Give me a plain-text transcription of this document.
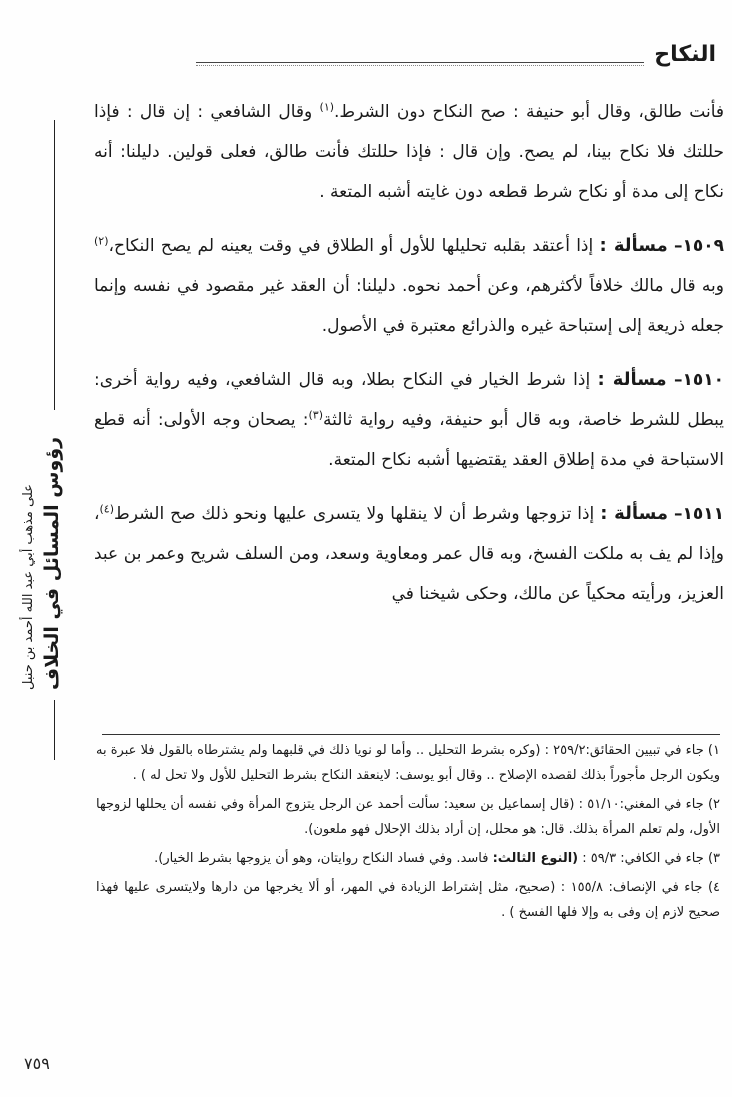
النكاح
رؤوس المسائل في الخلاف
على مذهب أبي عبد الله أحمد بن حنبل

فأنت طالق، وقال أبو حنيفة : صح النكاح دون الشرط.$^{(١)}$ وقال الشافعي : إن قال : فإذا حللتك فلا نكاح بينا، لم يصح. وإن قال : فإذا حللتك فأنت طالق، فعلى قولين. دليلنا: أنه نكاح إلى مدة أو نكاح شرط قطعه دون غايته أشبه المتعة .

١٥٠٩– مسألة : إذا أعتقد بقلبه تحليلها للأول أو الطلاق في وقت يعينه لم يصح النكاح،$^{(٢)}$ وبه قال مالك خلافاً لأكثرهم، وعن أحمد نحوه. دليلنا: أن العقد غير مقصود في نفسه وإنما جعله ذريعة إلى إستباحة غيره والذرائع معتبرة في الأصول.

١٥١٠– مسألة : إذا شرط الخيار في النكاح بطلا، وبه قال الشافعي، وفيه رواية أخرى: يبطل للشرط خاصة، وبه قال أبو حنيفة، وفيه رواية ثالثة$^{(٣)}$: يصحان وجه الأولى: أنه قطع الاستباحة في مدة إطلاق العقد يقتضيها أشبه نكاح المتعة.

١٥١١– مسألة : إذا تزوجها وشرط أن لا ينقلها ولا يتسرى عليها ونحو ذلك صح الشرط$^{(٤)}$، وإذا لم يف به ملكت الفسخ، وبه قال عمر ومعاوية وسعد، ومن السلف شريح وعمر بن عبد العزيز، ورأيته محكياً عن مالك، وحكى شيخنا في

١) جاء في تبيين الحقائق:٢٥٩/٢ : (وكره بشرط التحليل .. وأما لو نويا ذلك في قلبهما ولم يشترطاه بالقول فلا عبرة به ويكون الرجل مأجوراً بذلك لقصده الإصلاح .. وقال أبو يوسف: لاينعقد النكاح بشرط التحليل للأول ولا تحل له ) .

٢) جاء في المغني:٥١/١٠ : (قال إسماعيل بن سعيد: سألت أحمد عن الرجل يتزوج المرأة وفي نفسه أن يحللها لزوجها الأول، ولم تعلم المرأة بذلك. قال: هو محلل، إن أراد بذلك الإحلال فهو ملعون).

٣) جاء في الكافي: ٥٩/٣ : (النوع الثالث: فاسد. وفي فساد النكاح روايتان، وهو أن يزوجها بشرط الخيار).

٤) جاء في الإنصاف: ١٥٥/٨ : (صحيح، مثل إشتراط الزيادة في المهر، أو ألا يخرجها من دارها ولايتسرى عليها فهذا صحيح لازم إن وفى به وإلا فلها الفسخ ) .

٧٥٩
